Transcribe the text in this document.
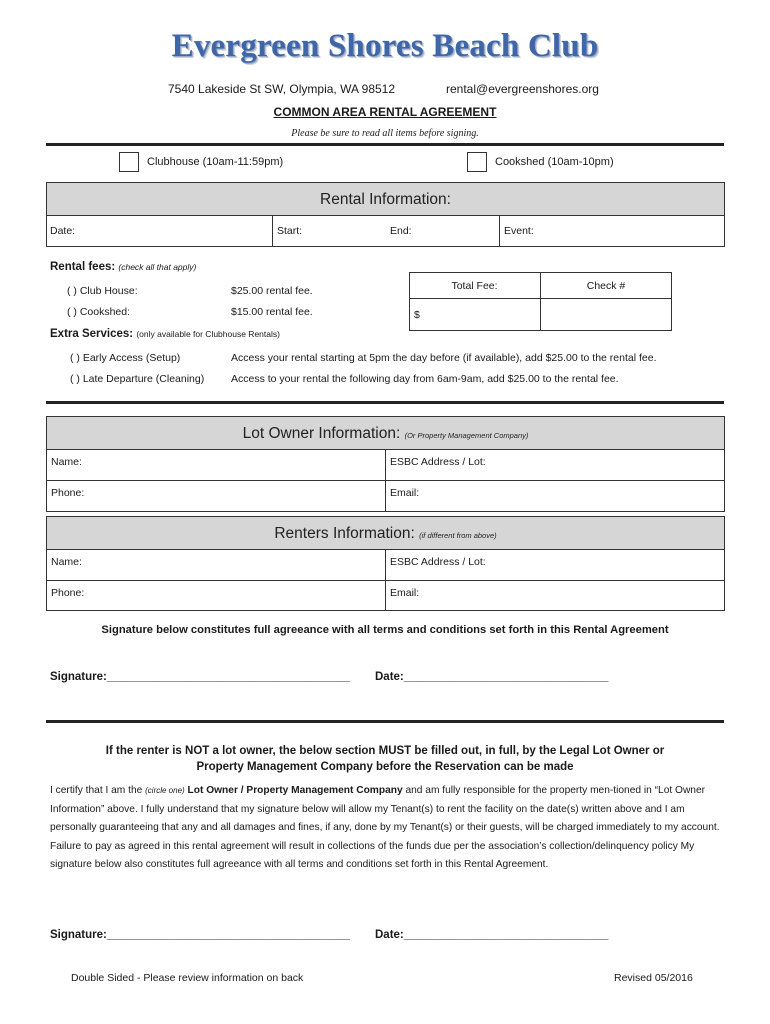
Evergreen Shores Beach Club
7540 Lakeside St SW, Olympia, WA 98512	rental@evergreenshores.org
COMMON AREA RENTAL AGREEMENT
Please be sure to read all items before signing.
Clubhouse (10am-11:59pm)	Cookshed (10am-10pm)
Rental Information:
Date:	Start:	End:	Event:
Rental fees: (check all that apply)
( ) Club House:	$25.00 rental fee.
( ) Cookshed:	$15.00 rental fee.
Total Fee:	Check #
$
Extra Services: (only available for Clubhouse Rentals)
( ) Early Access (Setup)	Access your rental starting at 5pm the day before (if available), add $25.00 to the rental fee.
( ) Late Departure (Cleaning)	Access to your rental the following day from 6am-9am, add $25.00 to the rental fee.
Lot Owner Information: (Or Property Management Company)
Name:	ESBC Address / Lot:
Phone:	Email:
Renters Information: (if different from above)
Name:	ESBC Address / Lot:
Phone:	Email:
Signature below constitutes full agreeance with all terms and conditions set forth in this Rental Agreement
Signature:______________________________________ Date:________________________________
If the renter is NOT a lot owner, the below section MUST be filled out, in full, by the Legal Lot Owner or
Property Management Company before the Reservation can be made
I certify that I am the (circle one) Lot Owner / Property Management Company and am fully responsible for the property men-tioned in “Lot Owner Information” above. I fully understand that my signature below will allow my Tenant(s) to rent the facility on the date(s) written above and I am personally guaranteeing that any and all damages and fines, if any, done by my Tenant(s) or their guests, will be charged immediately to my account. Failure to pay as agreed in this rental agreement will result in collections of the funds due per the association’s collection/delinquency policy My signature below also constitutes full agreeance with all terms and conditions set forth in this Rental Agreement.
Signature:______________________________________ Date:________________________________
Double Sided - Please review information on back	Revised 05/2016
